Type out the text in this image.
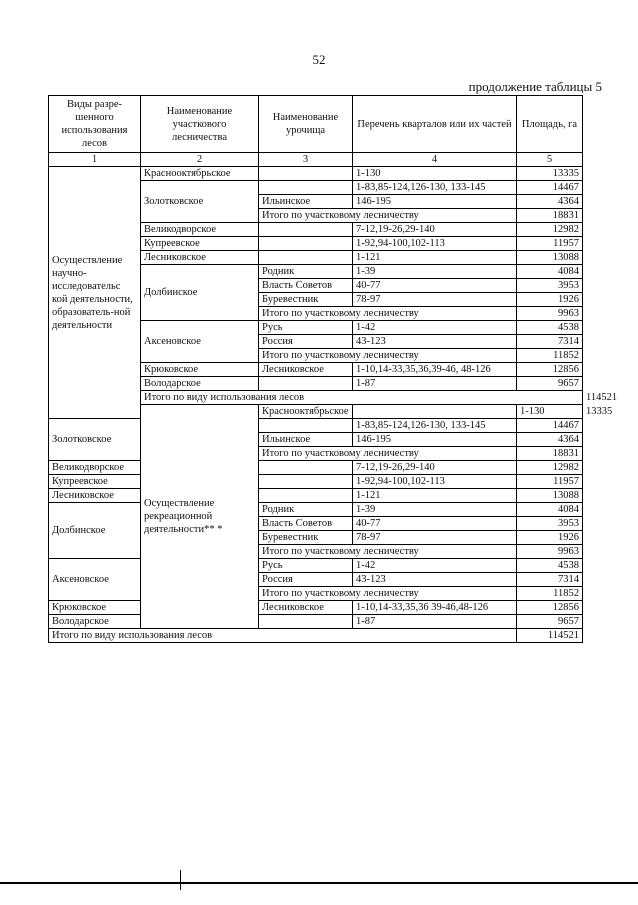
52
продолжение таблицы 5
Виды разре-шенного использования лесов	Наименование участкового лесничества	Наименование урочища	Перечень кварталов или их частей	Площадь, га	
1	2	3	4	5	
Осуществление научно-исследовательс кой деятельности, образователь-ной деятельности	Красноoктябрьское		1-130	13335	
	Золотковское		1-83,85-124,126-130, 133-145	14467	
		Ильинское	146-195	4364	
		Итого по участковому лесничеству		18831	
	Великодворское		7-12,19-26,29-140	12982	
	Купреевское		1-92,94-100,102-113	11957	
	Лесниковское		1-121	13088	
	Долбинское	Родник	1-39	4084	
		Власть Советов	40-77	3953	
		Буревестник	78-97	1926	
		Итого по участковому лесничеству		9963	
	Аксеновское	Русь	1-42	4538	
		Россия	43-123	7314	
		Итого по участковому лесничеству		11852	
	Крюковское	Лесниковское	1-10,14-33,35,36,39-46, 48-126	12856	
	Володарское		1-87	9657	
	Итого по виду использования лесов				114521
	Осуществление рекреационной деятельности** *	Красноoктябрьское		1-130	13335
Золотковское			1-83,85-124,126-130, 133-145	14467	
		Ильинское	146-195	4364	
		Итого по участковому лесничеству		18831	
Великодворское			7-12,19-26,29-140	12982	
Купреевское			1-92,94-100,102-113	11957	
Лесниковское			1-121	13088	
Долбинское		Родник	1-39	4084	
		Власть Советов	40-77	3953	
		Буревестник	78-97	1926	
		Итого по участковому лесничеству		9963	
Аксеновское		Русь	1-42	4538	
		Россия	43-123	7314	
		Итого по участковому лесничеству		11852	
Крюковское		Лесниковское	1-10,14-33,35,36 39-46,48-126	12856	
Володарское			1-87	9657	
Итого по виду использования лесов				114521	
